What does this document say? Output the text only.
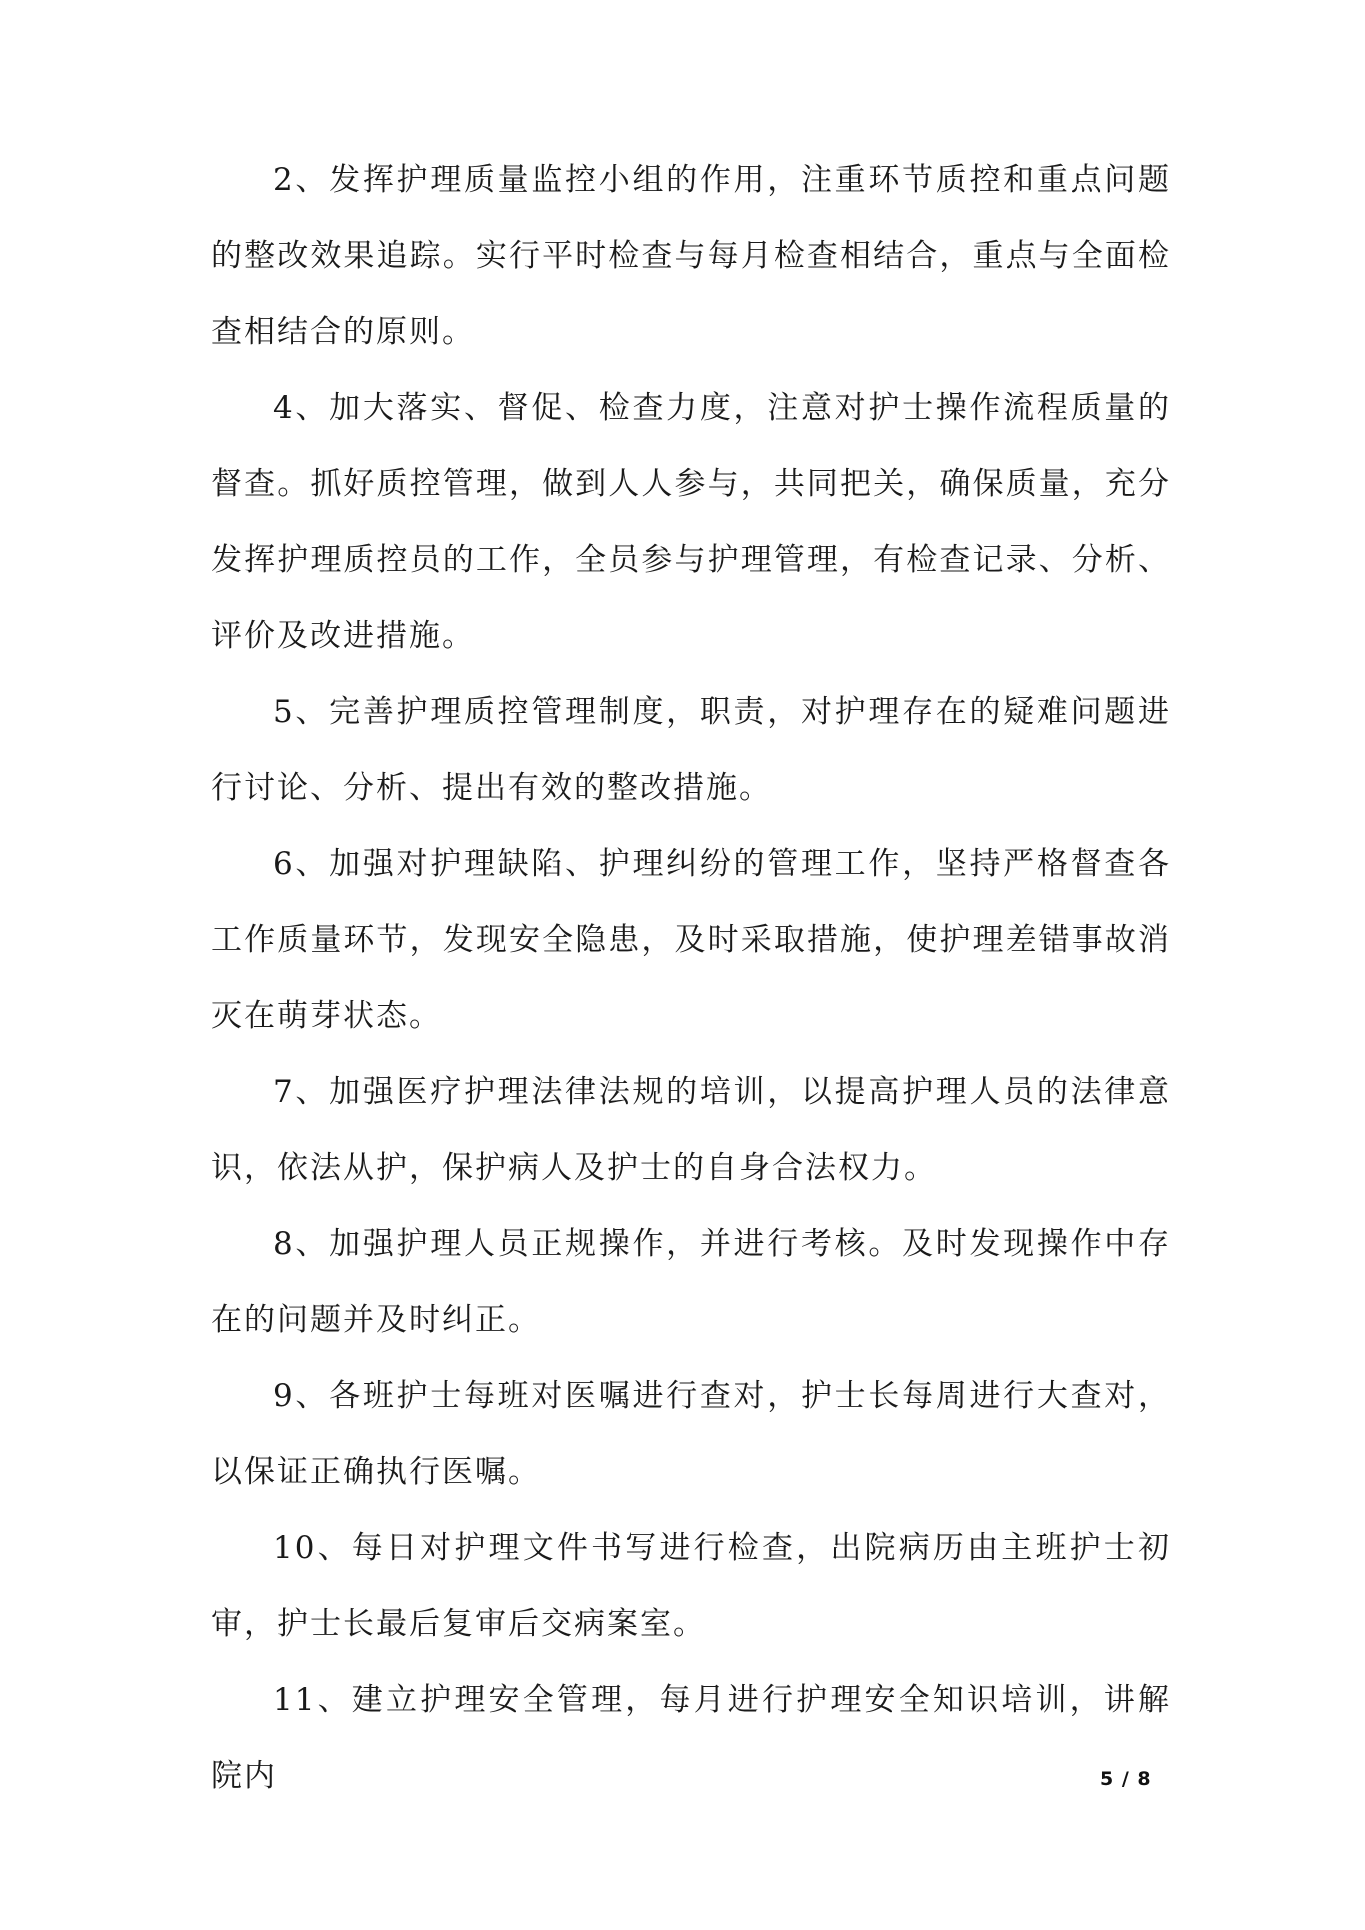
2、发挥护理质量监控小组的作用，注重环节质控和重点问题的整改效果追踪。实行平时检查与每月检查相结合，重点与全面检查相结合的原则。

4、加大落实、督促、检查力度，注意对护士操作流程质量的督查。抓好质控管理，做到人人参与，共同把关，确保质量，充分发挥护理质控员的工作，全员参与护理管理，有检查记录、分析、评价及改进措施。

5、完善护理质控管理制度，职责，对护理存在的疑难问题进行讨论、分析、提出有效的整改措施。

6、加强对护理缺陷、护理纠纷的管理工作，坚持严格督查各工作质量环节，发现安全隐患，及时采取措施，使护理差错事故消灭在萌芽状态。

7、加强医疗护理法律法规的培训，以提高护理人员的法律意识，依法从护，保护病人及护士的自身合法权力。

8、加强护理人员正规操作，并进行考核。及时发现操作中存在的问题并及时纠正。

9、各班护士每班对医嘱进行查对，护士长每周进行大查对，以保证正确执行医嘱。

10、每日对护理文件书写进行检查，出院病历由主班护士初审，护士长最后复审后交病案室。

11、建立护理安全管理，每月进行护理安全知识培训，讲解院内	5 / 8
